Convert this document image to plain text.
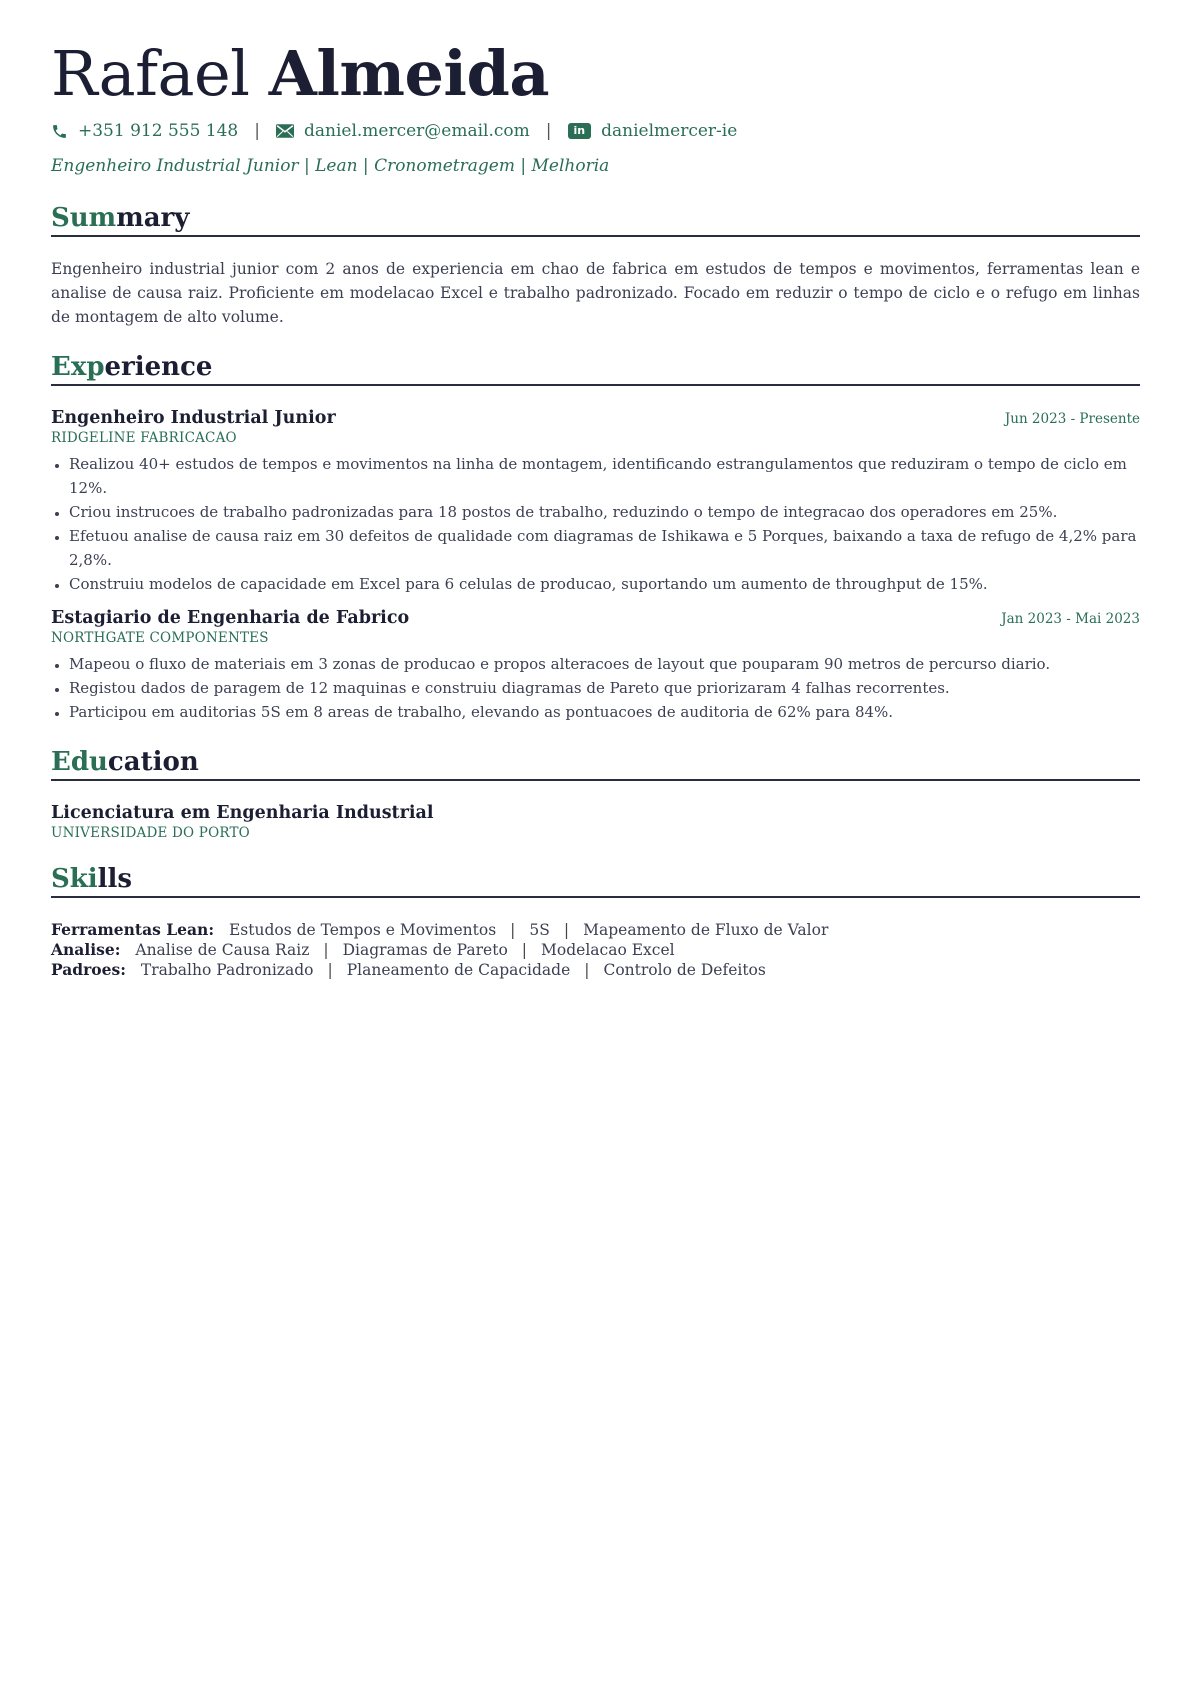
Rafael Almeida
+351 912 555 148 |	daniel.mercer@email.com |	in danielmercer-ie
Engenheiro Industrial Junior | Lean | Cronometragem | Melhoria
Summary
Engenheiro industrial junior com 2 anos de experiencia em chao de fabrica em estudos de tempos e movimentos, ferramentas lean e analise de causa raiz. Proficiente em modelacao Excel e trabalho padronizado. Focado em reduzir o tempo de ciclo e o refugo em linhas de montagem de alto volume.
Experience
Engenheiro Industrial Junior	Jun 2023 - Presente
RIDGELINE FABRICACAO
• Realizou 40+ estudos de tempos e movimentos na linha de montagem, identificando estrangulamentos que reduziram o tempo de ciclo em 12%.
• Criou instrucoes de trabalho padronizadas para 18 postos de trabalho, reduzindo o tempo de integracao dos operadores em 25%.
• Efetuou analise de causa raiz em 30 defeitos de qualidade com diagramas de Ishikawa e 5 Porques, baixando a taxa de refugo de 4,2% para 2,8%.
• Construiu modelos de capacidade em Excel para 6 celulas de producao, suportando um aumento de throughput de 15%.
Estagiario de Engenharia de Fabrico	Jan 2023 - Mai 2023
NORTHGATE COMPONENTES
• Mapeou o fluxo de materiais em 3 zonas de producao e propos alteracoes de layout que pouparam 90 metros de percurso diario.
• Registou dados de paragem de 12 maquinas e construiu diagramas de Pareto que priorizaram 4 falhas recorrentes.
• Participou em auditorias 5S em 8 areas de trabalho, elevando as pontuacoes de auditoria de 62% para 84%.
Education
Licenciatura em Engenharia Industrial
UNIVERSIDADE DO PORTO
Skills
Ferramentas Lean: Estudos de Tempos e Movimentos | 5S | Mapeamento de Fluxo de Valor
Analise: Analise de Causa Raiz | Diagramas de Pareto | Modelacao Excel
Padroes: Trabalho Padronizado | Planeamento de Capacidade | Controlo de Defeitos
